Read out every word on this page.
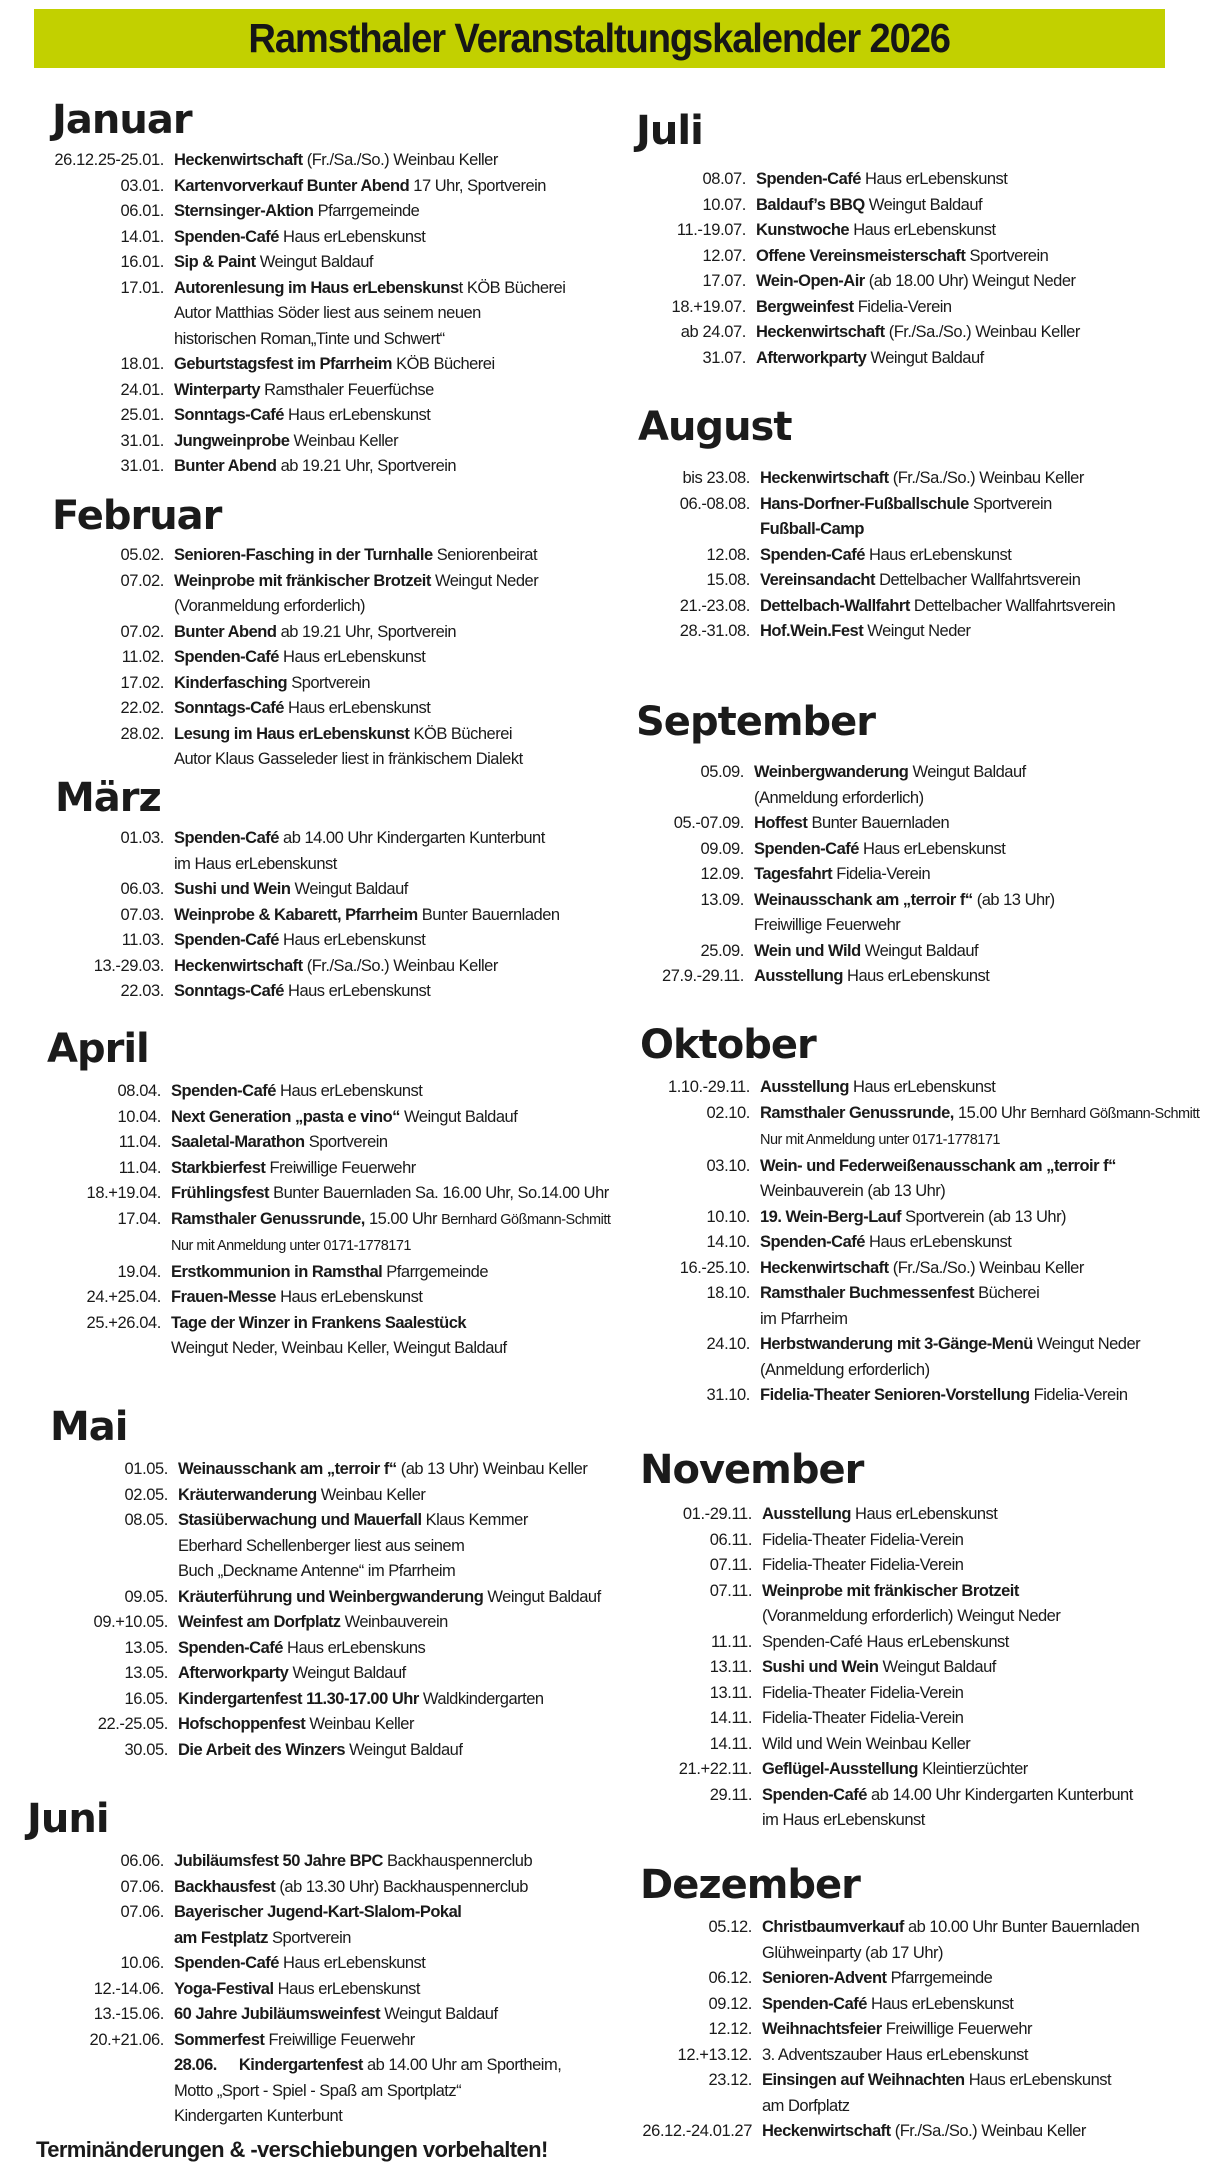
Ramsthaler Veranstaltungskalender 2026
Januar
26.12.25-25.01. Heckenwirtschaft (Fr./Sa./So.) Weinbau Keller
03.01. Kartenvorverkauf Bunter Abend 17 Uhr, Sportverein
06.01. Sternsinger-Aktion Pfarrgemeinde
14.01. Spenden-Café Haus erLebenskunst
16.01. Sip & Paint Weingut Baldauf
17.01. Autorenlesung im Haus erLebenskunst KÖB Bücherei
Autor Matthias Söder liest aus seinem neuen
historischen Roman„Tinte und Schwert“
18.01. Geburtstagsfest im Pfarrheim KÖB Bücherei
24.01. Winterparty Ramsthaler Feuerfüchse
25.01. Sonntags-Café Haus erLebenskunst
31.01. Jungweinprobe Weinbau Keller
31.01. Bunter Abend ab 19.21 Uhr, Sportverein
Februar
05.02. Senioren-Fasching in der Turnhalle Seniorenbeirat
07.02. Weinprobe mit fränkischer Brotzeit Weingut Neder
(Voranmeldung erforderlich)
07.02. Bunter Abend ab 19.21 Uhr, Sportverein
11.02. Spenden-Café Haus erLebenskunst
17.02. Kinderfasching Sportverein
22.02. Sonntags-Café Haus erLebenskunst
28.02. Lesung im Haus erLebenskunst KÖB Bücherei
Autor Klaus Gasseleder liest in fränkischem Dialekt
März
01.03. Spenden-Café ab 14.00 Uhr Kindergarten Kunterbunt
im Haus erLebenskunst
06.03. Sushi und Wein Weingut Baldauf
07.03. Weinprobe & Kabarett, Pfarrheim Bunter Bauernladen
11.03. Spenden-Café Haus erLebenskunst
13.-29.03. Heckenwirtschaft (Fr./Sa./So.) Weinbau Keller
22.03. Sonntags-Café Haus erLebenskunst
April
08.04. Spenden-Café Haus erLebenskunst
10.04. Next Generation „pasta e vino“ Weingut Baldauf
11.04. Saaletal-Marathon Sportverein
11.04. Starkbierfest Freiwillige Feuerwehr
18.+19.04. Frühlingsfest Bunter Bauernladen Sa. 16.00 Uhr, So.14.00 Uhr
17.04. Ramsthaler Genussrunde, 15.00 Uhr Bernhard Gößmann-Schmitt
Nur mit Anmeldung unter 0171-1778171
19.04. Erstkommunion in Ramsthal Pfarrgemeinde
24.+25.04. Frauen-Messe Haus erLebenskunst
25.+26.04. Tage der Winzer in Frankens Saalestück
Weingut Neder, Weinbau Keller, Weingut Baldauf
Mai
01.05. Weinausschank am „terroir f“ (ab 13 Uhr) Weinbau Keller
02.05. Kräuterwanderung Weinbau Keller
08.05. Stasiüberwachung und Mauerfall Klaus Kemmer
Eberhard Schellenberger liest aus seinem
Buch „Deckname Antenne“ im Pfarrheim
09.05. Kräuterführung und Weinbergwanderung Weingut Baldauf
09.+10.05. Weinfest am Dorfplatz Weinbauverein
13.05. Spenden-Café Haus erLebenskuns
13.05. Afterworkparty Weingut Baldauf
16.05. Kindergartenfest 11.30-17.00 Uhr Waldkindergarten
22.-25.05. Hofschoppenfest Weinbau Keller
30.05. Die Arbeit des Winzers Weingut Baldauf
Juni
06.06. Jubiläumsfest 50 Jahre BPC Backhauspennerclub
07.06. Backhausfest (ab 13.30 Uhr) Backhauspennerclub
07.06. Bayerischer Jugend-Kart-Slalom-Pokal
am Festplatz Sportverein
10.06. Spenden-Café Haus erLebenskunst
12.-14.06. Yoga-Festival Haus erLebenskunst
13.-15.06. 60 Jahre Jubiläumsweinfest Weingut Baldauf
20.+21.06. Sommerfest Freiwillige Feuerwehr
28.06. Kindergartenfest ab 14.00 Uhr am Sportheim,
Motto „Sport - Spiel - Spaß am Sportplatz“
Kindergarten Kunterbunt
Terminänderungen & -verschiebungen vorbehalten!
Juli
08.07. Spenden-Café Haus erLebenskunst
10.07. Baldauf’s BBQ Weingut Baldauf
11.-19.07. Kunstwoche Haus erLebenskunst
12.07. Offene Vereinsmeisterschaft Sportverein
17.07. Wein-Open-Air (ab 18.00 Uhr) Weingut Neder
18.+19.07. Bergweinfest Fidelia-Verein
ab 24.07. Heckenwirtschaft (Fr./Sa./So.) Weinbau Keller
31.07. Afterworkparty Weingut Baldauf
August
bis 23.08. Heckenwirtschaft (Fr./Sa./So.) Weinbau Keller
06.-08.08. Hans-Dorfner-Fußballschule Sportverein
Fußball-Camp
12.08. Spenden-Café Haus erLebenskunst
15.08. Vereinsandacht Dettelbacher Wallfahrtsverein
21.-23.08. Dettelbach-Wallfahrt Dettelbacher Wallfahrtsverein
28.-31.08. Hof.Wein.Fest Weingut Neder
September
05.09. Weinbergwanderung Weingut Baldauf
(Anmeldung erforderlich)
05.-07.09. Hoffest Bunter Bauernladen
09.09. Spenden-Café Haus erLebenskunst
12.09. Tagesfahrt Fidelia-Verein
13.09. Weinausschank am „terroir f“ (ab 13 Uhr)
Freiwillige Feuerwehr
25.09. Wein und Wild Weingut Baldauf
27.9.-29.11. Ausstellung Haus erLebenskunst
Oktober
1.10.-29.11. Ausstellung Haus erLebenskunst
02.10. Ramsthaler Genussrunde, 15.00 Uhr Bernhard Gößmann-Schmitt
Nur mit Anmeldung unter 0171-1778171
03.10. Wein- und Federweißenausschank am „terroir f“
Weinbauverein (ab 13 Uhr)
10.10. 19. Wein-Berg-Lauf Sportverein (ab 13 Uhr)
14.10. Spenden-Café Haus erLebenskunst
16.-25.10. Heckenwirtschaft (Fr./Sa./So.) Weinbau Keller
18.10. Ramsthaler Buchmessenfest Bücherei
im Pfarrheim
24.10. Herbstwanderung mit 3-Gänge-Menü Weingut Neder
(Anmeldung erforderlich)
31.10. Fidelia-Theater Senioren-Vorstellung Fidelia-Verein
November
01.-29.11. Ausstellung Haus erLebenskunst
06.11. Fidelia-Theater Fidelia-Verein
07.11. Fidelia-Theater Fidelia-Verein
07.11. Weinprobe mit fränkischer Brotzeit
(Voranmeldung erforderlich) Weingut Neder
11.11. Spenden-Café Haus erLebenskunst
13.11. Sushi und Wein Weingut Baldauf
13.11. Fidelia-Theater Fidelia-Verein
14.11. Fidelia-Theater Fidelia-Verein
14.11. Wild und Wein Weinbau Keller
21.+22.11. Geflügel-Ausstellung Kleintierzüchter
29.11. Spenden-Café ab 14.00 Uhr Kindergarten Kunterbunt
im Haus erLebenskunst
Dezember
05.12. Christbaumverkauf ab 10.00 Uhr Bunter Bauernladen
Glühweinparty (ab 17 Uhr)
06.12. Senioren-Advent Pfarrgemeinde
09.12. Spenden-Café Haus erLebenskunst
12.12. Weihnachtsfeier Freiwillige Feuerwehr
12.+13.12. 3. Adventszauber Haus erLebenskunst
23.12. Einsingen auf Weihnachten Haus erLebenskunst
am Dorfplatz
26.12.-24.01.27 Heckenwirtschaft (Fr./Sa./So.) Weinbau Keller
